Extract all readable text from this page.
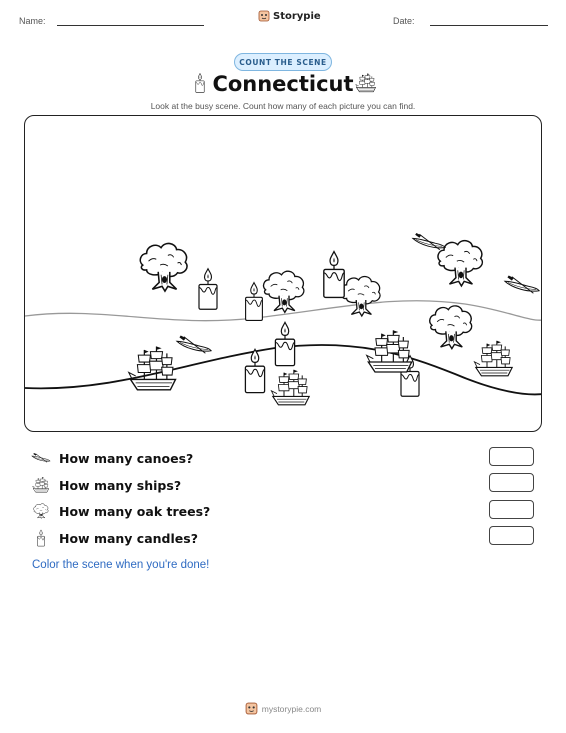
Name:	Storypie	Date:
COUNT THE SCENE
Connecticut
Look at the busy scene. Count how many of each picture you can find.
How many canoes?
How many ships?
How many oak trees?
How many candles?
Color the scene when you're done!
mystorypie.com
